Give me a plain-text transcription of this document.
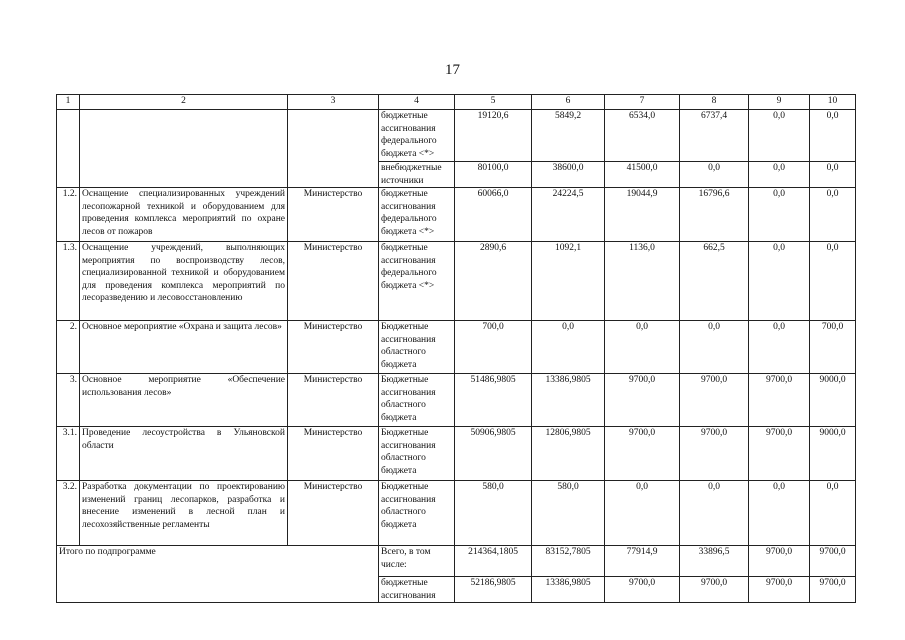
17
1	2	3	4	5	6	7	8	9	10
			бюджетные ассигнования федерального бюджета <*>	19120,6	5849,2	6534,0	6737,4	0,0	0,0
			внебюджетные источники	80100,0	38600,0	41500,0	0,0	0,0	0,0
1.2.	Оснащение специализированных учреждений лесопожарной техникой и оборудованием для проведения комплекса мероприятий по охране лесов от пожаров	Министерство	бюджетные ассигнования федерального бюджета <*>	60066,0	24224,5	19044,9	16796,6	0,0	0,0
1.3.	Оснащение учреждений, выполняющих мероприятия по воспроизводству лесов, специализированной техникой и оборудованием для проведения комплекса мероприятий по лесоразведению и лесовосстановлению	Министерство	бюджетные ассигнования федерального бюджета <*>	2890,6	1092,1	1136,0	662,5	0,0	0,0
2.	Основное мероприятие «Охрана и защита лесов»	Министерство	Бюджетные ассигнования областного бюджета	700,0	0,0	0,0	0,0	0,0	700,0
3.	Основное мероприятие «Обеспечение использования лесов»	Министерство	Бюджетные ассигнования областного бюджета	51486,9805	13386,9805	9700,0	9700,0	9700,0	9000,0
3.1.	Проведение лесоустройства в Ульяновской области	Министерство	Бюджетные ассигнования областного бюджета	50906,9805	12806,9805	9700,0	9700,0	9700,0	9000,0
3.2.	Разработка документации по проектированию изменений границ лесопарков, разработка и внесение изменений в лесной план и лесохозяйственные регламенты	Министерство	Бюджетные ассигнования областного бюджета	580,0	580,0	0,0	0,0	0,0	0,0
Итого по подпрограмме			Всего, в том числе:	214364,1805	83152,7805	77914,9	33896,5	9700,0	9700,0
			бюджетные ассигнования	52186,9805	13386,9805	9700,0	9700,0	9700,0	9700,0
